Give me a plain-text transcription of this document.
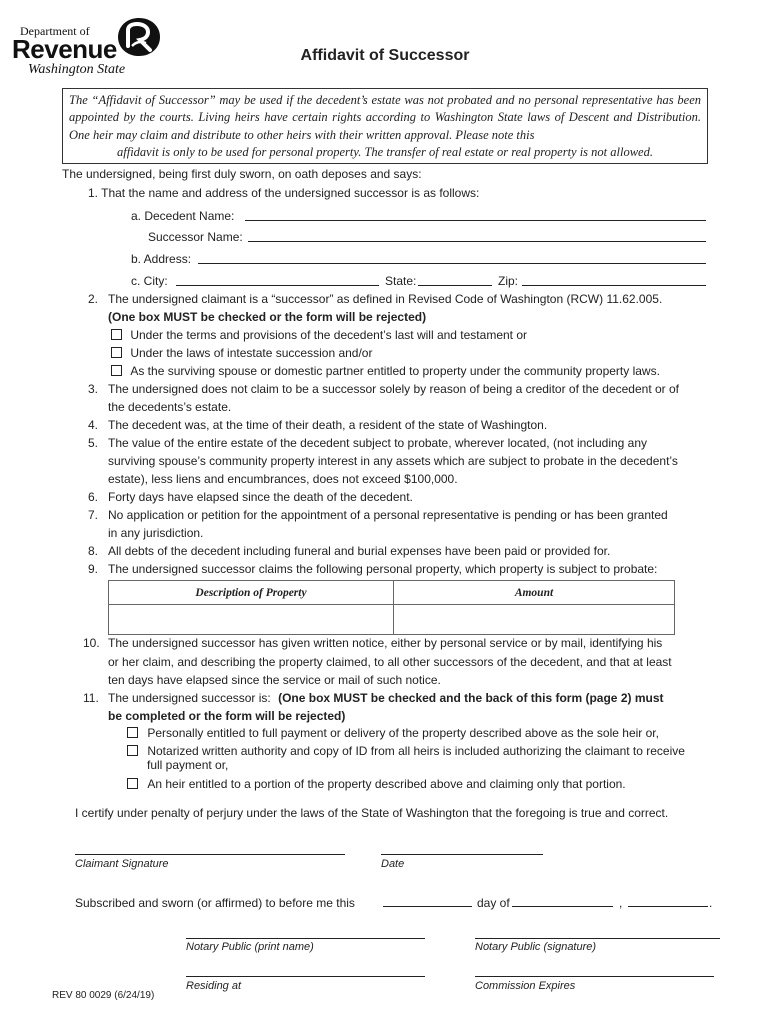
Department of
Revenue
Washington State
Affidavit of Successor
The “Affidavit of Successor” may be used if the decedent’s estate was not probated and no personal representative has been appointed by the courts. Living heirs have certain rights according to Washington State laws of Descent and Distribution. One heir may claim and distribute to other heirs with their written approval. Please note this
affidavit is only to be used for personal property. The transfer of real estate or real property is not allowed.
The undersigned, being first duly sworn, on oath deposes and says:
1. That the name and address of the undersigned successor is as follows:
a. Decedent Name:
Successor Name:
b. Address:
c. City:	State:	Zip:
2. The undersigned claimant is a “successor” as defined in Revised Code of Washington (RCW) 11.62.005.
(One box MUST be checked or the form will be rejected)
Under the terms and provisions of the decedent’s last will and testament or
Under the laws of intestate succession and/or
As the surviving spouse or domestic partner entitled to property under the community property laws.
3. The undersigned does not claim to be a successor solely by reason of being a creditor of the decedent or of
the decedents’s estate.
4. The decedent was, at the time of their death, a resident of the state of Washington.
5. The value of the entire estate of the decedent subject to probate, wherever located, (not including any
surviving spouse’s community property interest in any assets which are subject to probate in the decedent’s
estate), less liens and encumbrances, does not exceed $100,000.
6. Forty days have elapsed since the death of the decedent.
7. No application or petition for the appointment of a personal representative is pending or has been granted
in any jurisdiction.
8. All debts of the decedent including funeral and burial expenses have been paid or provided for.
9. The undersigned successor claims the following personal property, which property is subject to probate:
Description of Property	Amount

10. The undersigned successor has given written notice, either by personal service or by mail, identifying his
or her claim, and describing the property claimed, to all other successors of the decedent, and that at least
ten days have elapsed since the service or mail of such notice.
11. The undersigned successor is: (One box MUST be checked and the back of this form (page 2) must
be completed or the form will be rejected)
Personally entitled to full payment or delivery of the property described above as the sole heir or,
Notarized written authority and copy of ID from all heirs is included authorizing the claimant to receive
full payment or,
An heir entitled to a portion of the property described above and claiming only that portion.
I certify under penalty of perjury under the laws of the State of Washington that the foregoing is true and correct.
Claimant Signature	Date
Subscribed and sworn (or affirmed) to before me this	day of	,	.
Notary Public (print name)	Notary Public (signature)
Residing at	Commission Expires
REV 80 0029 (6/24/19)
